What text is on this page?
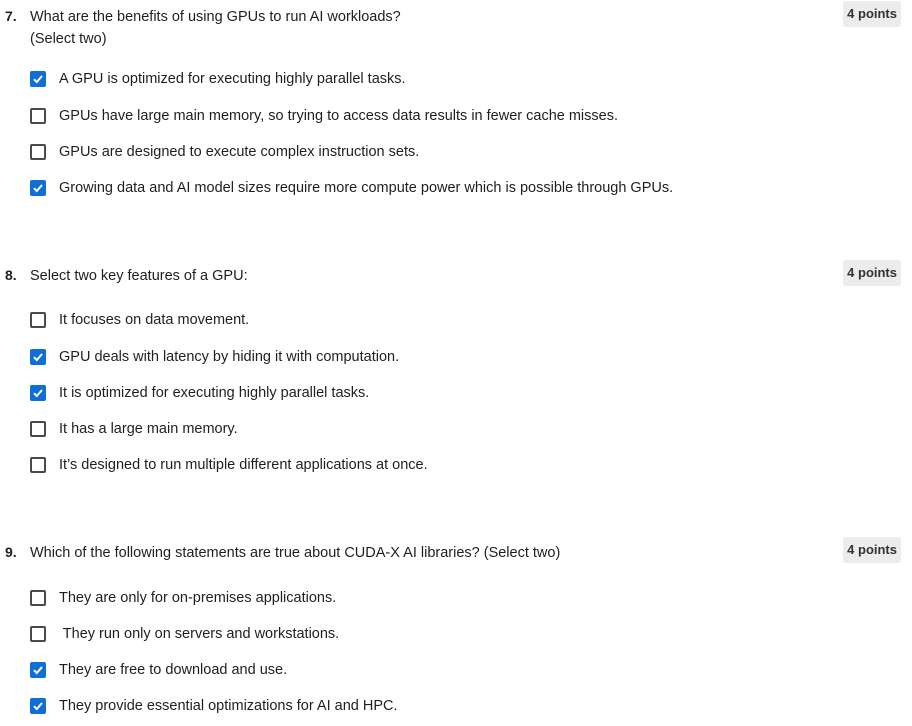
7. What are the benefits of using GPUs to run AI workloads?
(Select two)
4 points
A GPU is optimized for executing highly parallel tasks.
GPUs have large main memory, so trying to access data results in fewer cache misses.
GPUs are designed to execute complex instruction sets.
Growing data and AI model sizes require more compute power which is possible through GPUs.
8. Select two key features of a GPU:	4 points
It focuses on data movement.
GPU deals with latency by hiding it with computation.
It is optimized for executing highly parallel tasks.
It has a large main memory.
It’s designed to run multiple different applications at once.
9. Which of the following statements are true about CUDA-X AI libraries? (Select two)	4 points
They are only for on-premises applications.
They run only on servers and workstations.
They are free to download and use.
They provide essential optimizations for AI and HPC.
